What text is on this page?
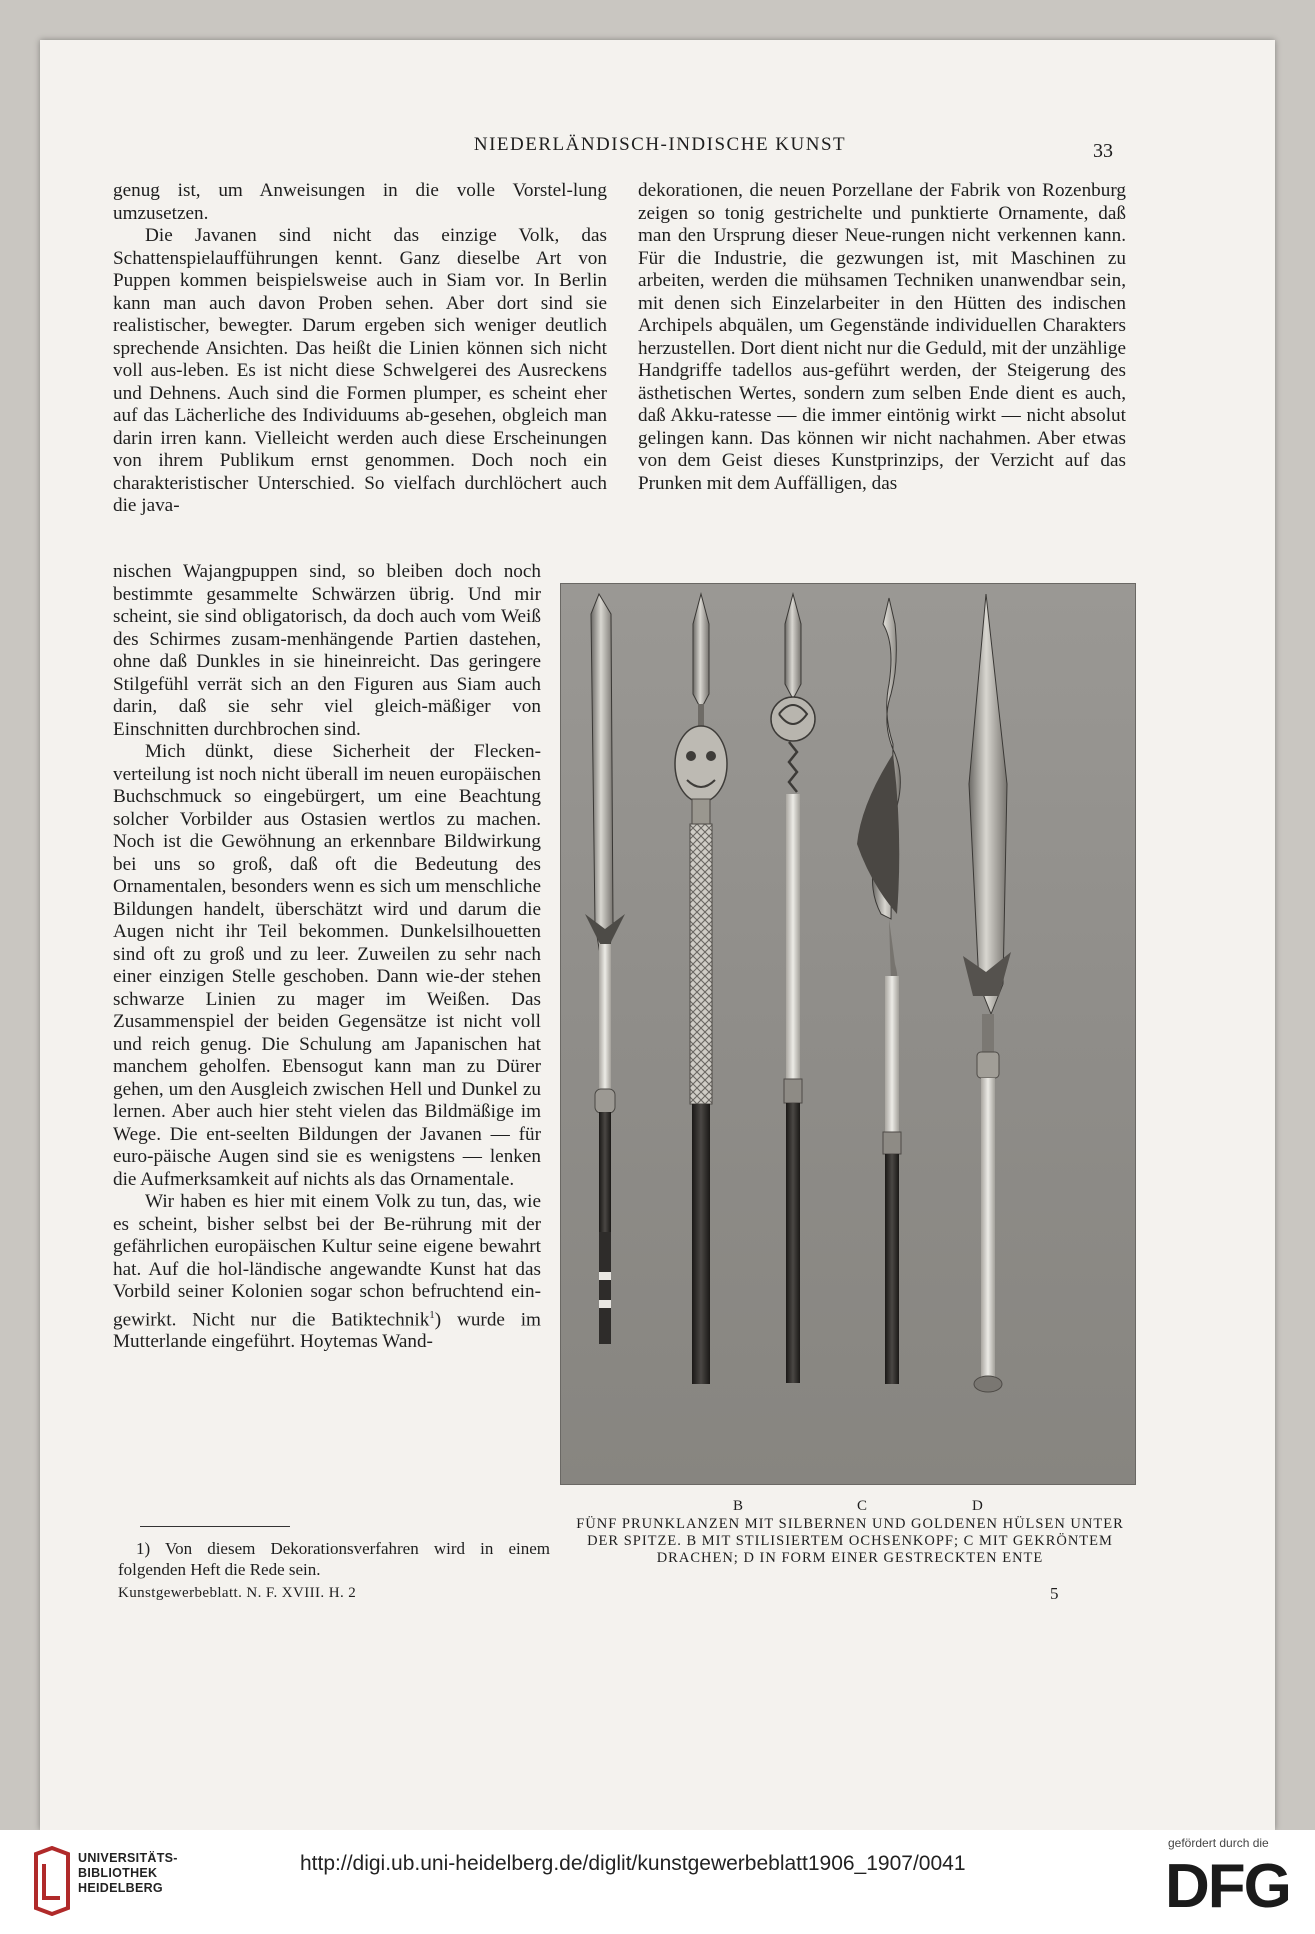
NIEDERLÄNDISCH-INDISCHE KUNST	33

genug ist, um Anweisungen in die volle Vorstel-lung umzusetzen.

Die Javanen sind nicht das einzige Volk, das Schattenspielaufführungen kennt. Ganz dieselbe Art von Puppen kommen beispielsweise auch in Siam vor. In Berlin kann man auch davon Proben sehen. Aber dort sind sie realistischer, bewegter. Darum ergeben sich weniger deutlich sprechende Ansichten. Das heißt die Linien können sich nicht voll aus-leben. Es ist nicht diese Schwelgerei des Ausreckens und Dehnens. Auch sind die Formen plumper, es scheint eher auf das Lächerliche des Individuums ab-gesehen, obgleich man darin irren kann. Vielleicht werden auch diese Erscheinungen von ihrem Publikum ernst genommen. Doch noch ein charakteristischer Unterschied. So vielfach durchlöchert auch die java-

nischen Wajangpuppen sind, so bleiben doch noch bestimmte gesammelte Schwärzen übrig. Und mir scheint, sie sind obligatorisch, da doch auch vom Weiß des Schirmes zusam-menhängende Partien dastehen, ohne daß Dunkles in sie hineinreicht. Das geringere Stilgefühl verrät sich an den Figuren aus Siam auch darin, daß sie sehr viel gleich-mäßiger von Einschnitten durchbrochen sind.

Mich dünkt, diese Sicherheit der Flecken-verteilung ist noch nicht überall im neuen europäischen Buchschmuck so eingebürgert, um eine Beachtung solcher Vorbilder aus Ostasien wertlos zu machen. Noch ist die Gewöhnung an erkennbare Bildwirkung bei uns so groß, daß oft die Bedeutung des Ornamentalen, besonders wenn es sich um menschliche Bildungen handelt, überschätzt wird und darum die Augen nicht ihr Teil bekommen. Dunkelsilhouetten sind oft zu groß und zu leer. Zuweilen zu sehr nach einer einzigen Stelle geschoben. Dann wie-der stehen schwarze Linien zu mager im Weißen. Das Zusammenspiel der beiden Gegensätze ist nicht voll und reich genug. Die Schulung am Japanischen hat manchem geholfen. Ebensogut kann man zu Dürer gehen, um den Ausgleich zwischen Hell und Dunkel zu lernen. Aber auch hier steht vielen das Bildmäßige im Wege. Die ent-seelten Bildungen der Javanen — für euro-päische Augen sind sie es wenigstens — lenken die Aufmerksamkeit auf nichts als das Ornamentale.

Wir haben es hier mit einem Volk zu tun, das, wie es scheint, bisher selbst bei der Be-rührung mit der gefährlichen europäischen Kultur seine eigene bewahrt hat. Auf die hol-ländische angewandte Kunst hat das Vorbild seiner Kolonien sogar schon befruchtend ein-gewirkt. Nicht nur die Batiktechnik$^1$) wurde im Mutterlande eingeführt. Hoytemas Wand-

dekorationen, die neuen Porzellane der Fabrik von Rozenburg zeigen so tonig gestrichelte und punktierte Ornamente, daß man den Ursprung dieser Neue-rungen nicht verkennen kann. Für die Industrie, die gezwungen ist, mit Maschinen zu arbeiten, werden die mühsamen Techniken unanwendbar sein, mit denen sich Einzelarbeiter in den Hütten des indischen Archipels abquälen, um Gegenstände individuellen Charakters herzustellen. Dort dient nicht nur die Geduld, mit der unzählige Handgriffe tadellos aus-geführt werden, der Steigerung des ästhetischen Wertes, sondern zum selben Ende dient es auch, daß Akku-ratesse — die immer eintönig wirkt — nicht absolut gelingen kann. Das können wir nicht nachahmen. Aber etwas von dem Geist dieses Kunstprinzips, der Verzicht auf das Prunken mit dem Auffälligen, das

B	C	D
FÜNF PRUNKLANZEN MIT SILBERNEN UND GOLDENEN HÜLSEN UNTER
DER SPITZE. B MIT STILISIERTEM OCHSENKOPF; C MIT GEKRÖNTEM
DRACHEN; D IN FORM EINER GESTRECKTEN ENTE
1) Von diesem Dekorationsverfahren wird in einem folgenden Heft die Rede sein.
Kunstgewerbeblatt. N. F. XVIII. H. 2	5
UNIVERSITÄTS-
BIBLIOTHEK
HEIDELBERG
http://digi.ub.uni-heidelberg.de/diglit/kunstgewerbeblatt1906_1907/0041
gefördert durch die
DFG
